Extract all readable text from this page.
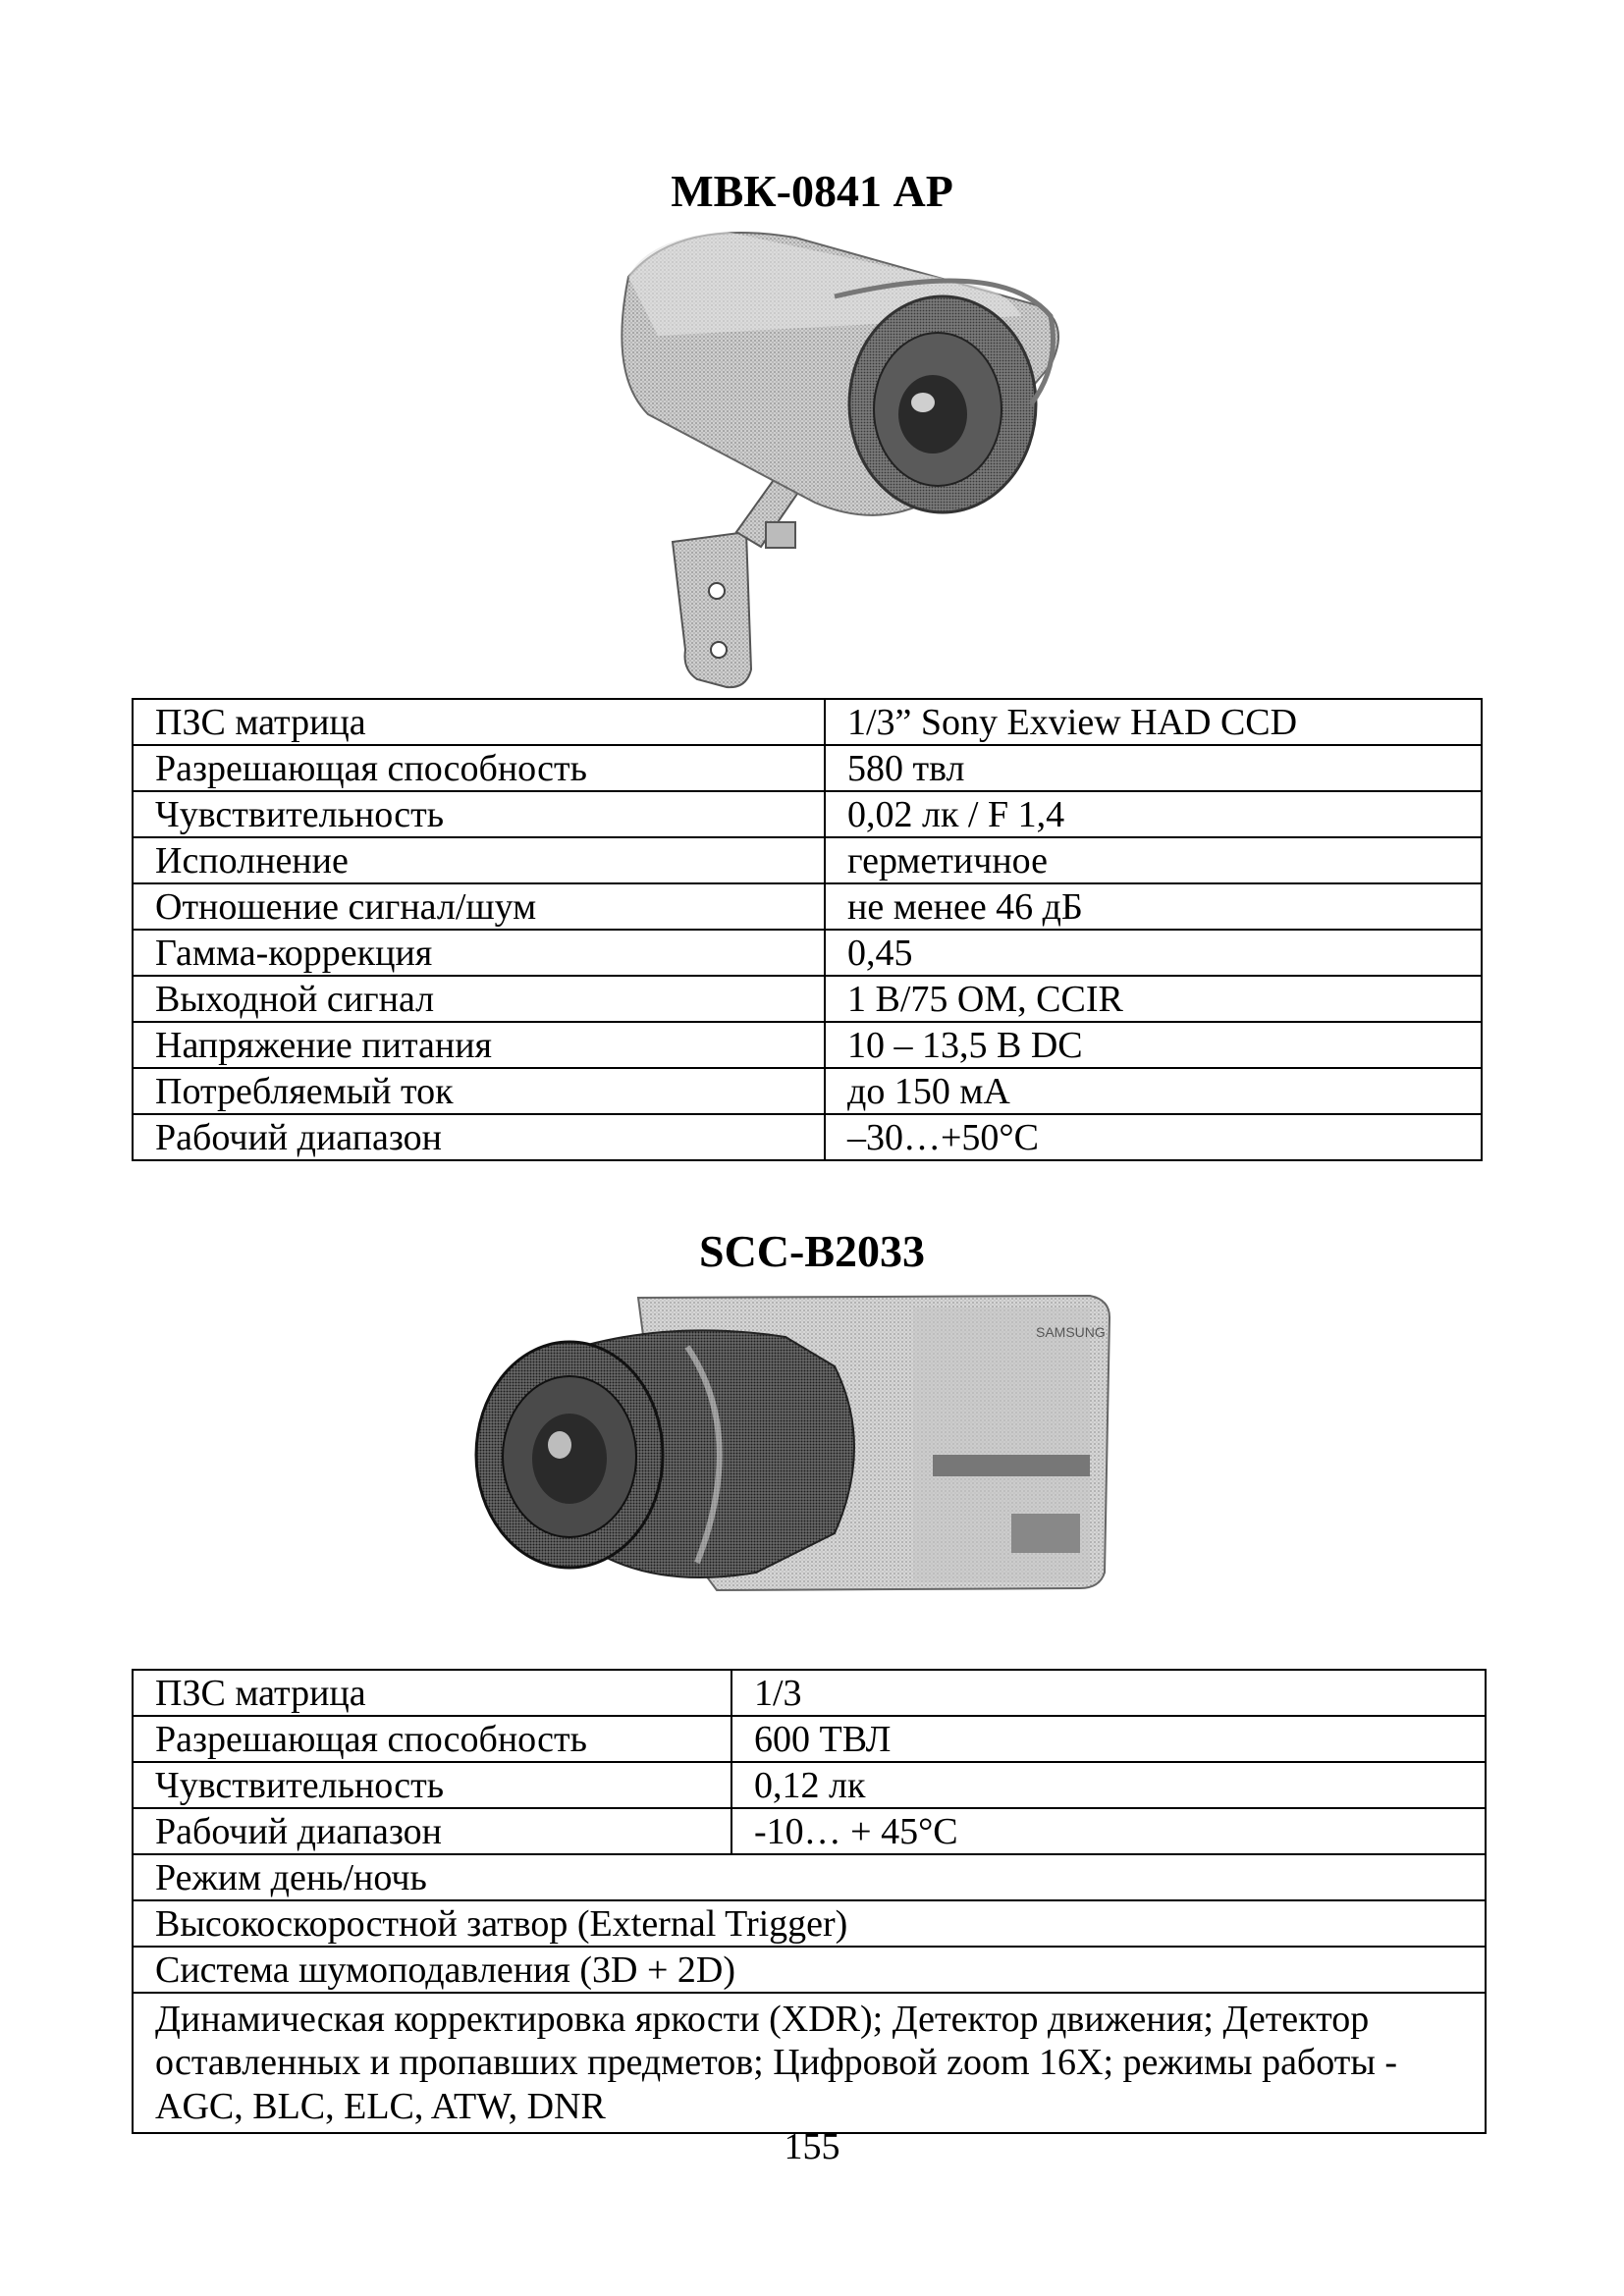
МВК-0841 АР
ПЗС матрица	1/3” Sony Exview HAD CCD
Разрешающая способность	580 твл
Чувствительность	0,02 лк / F 1,4
Исполнение	герметичное
Отношение сигнал/шум	не менее 46 дБ
Гамма-коррекция	0,45
Выходной сигнал	1 В/75 ОМ, CCIR
Напряжение питания	10 – 13,5 В DC
Потребляемый ток	до 150 мА
Рабочий диапазон	–30…+50°С
SCC-B2033
SAMSUNG
ПЗС матрица	1/3
Разрешающая способность	600 ТВЛ
Чувствительность	0,12 лк
Рабочий диапазон	-10… + 45°С
Режим день/ночь	
Высокоскоростной затвор (External Trigger)	
Система шумоподавления (3D + 2D)	
Динамическая корректировка яркости (XDR); Детектор движения; Детектор оставленных и пропавших предметов; Цифровой zoom 16X; режимы работы - AGC, BLC, ELC, ATW, DNR	
155
